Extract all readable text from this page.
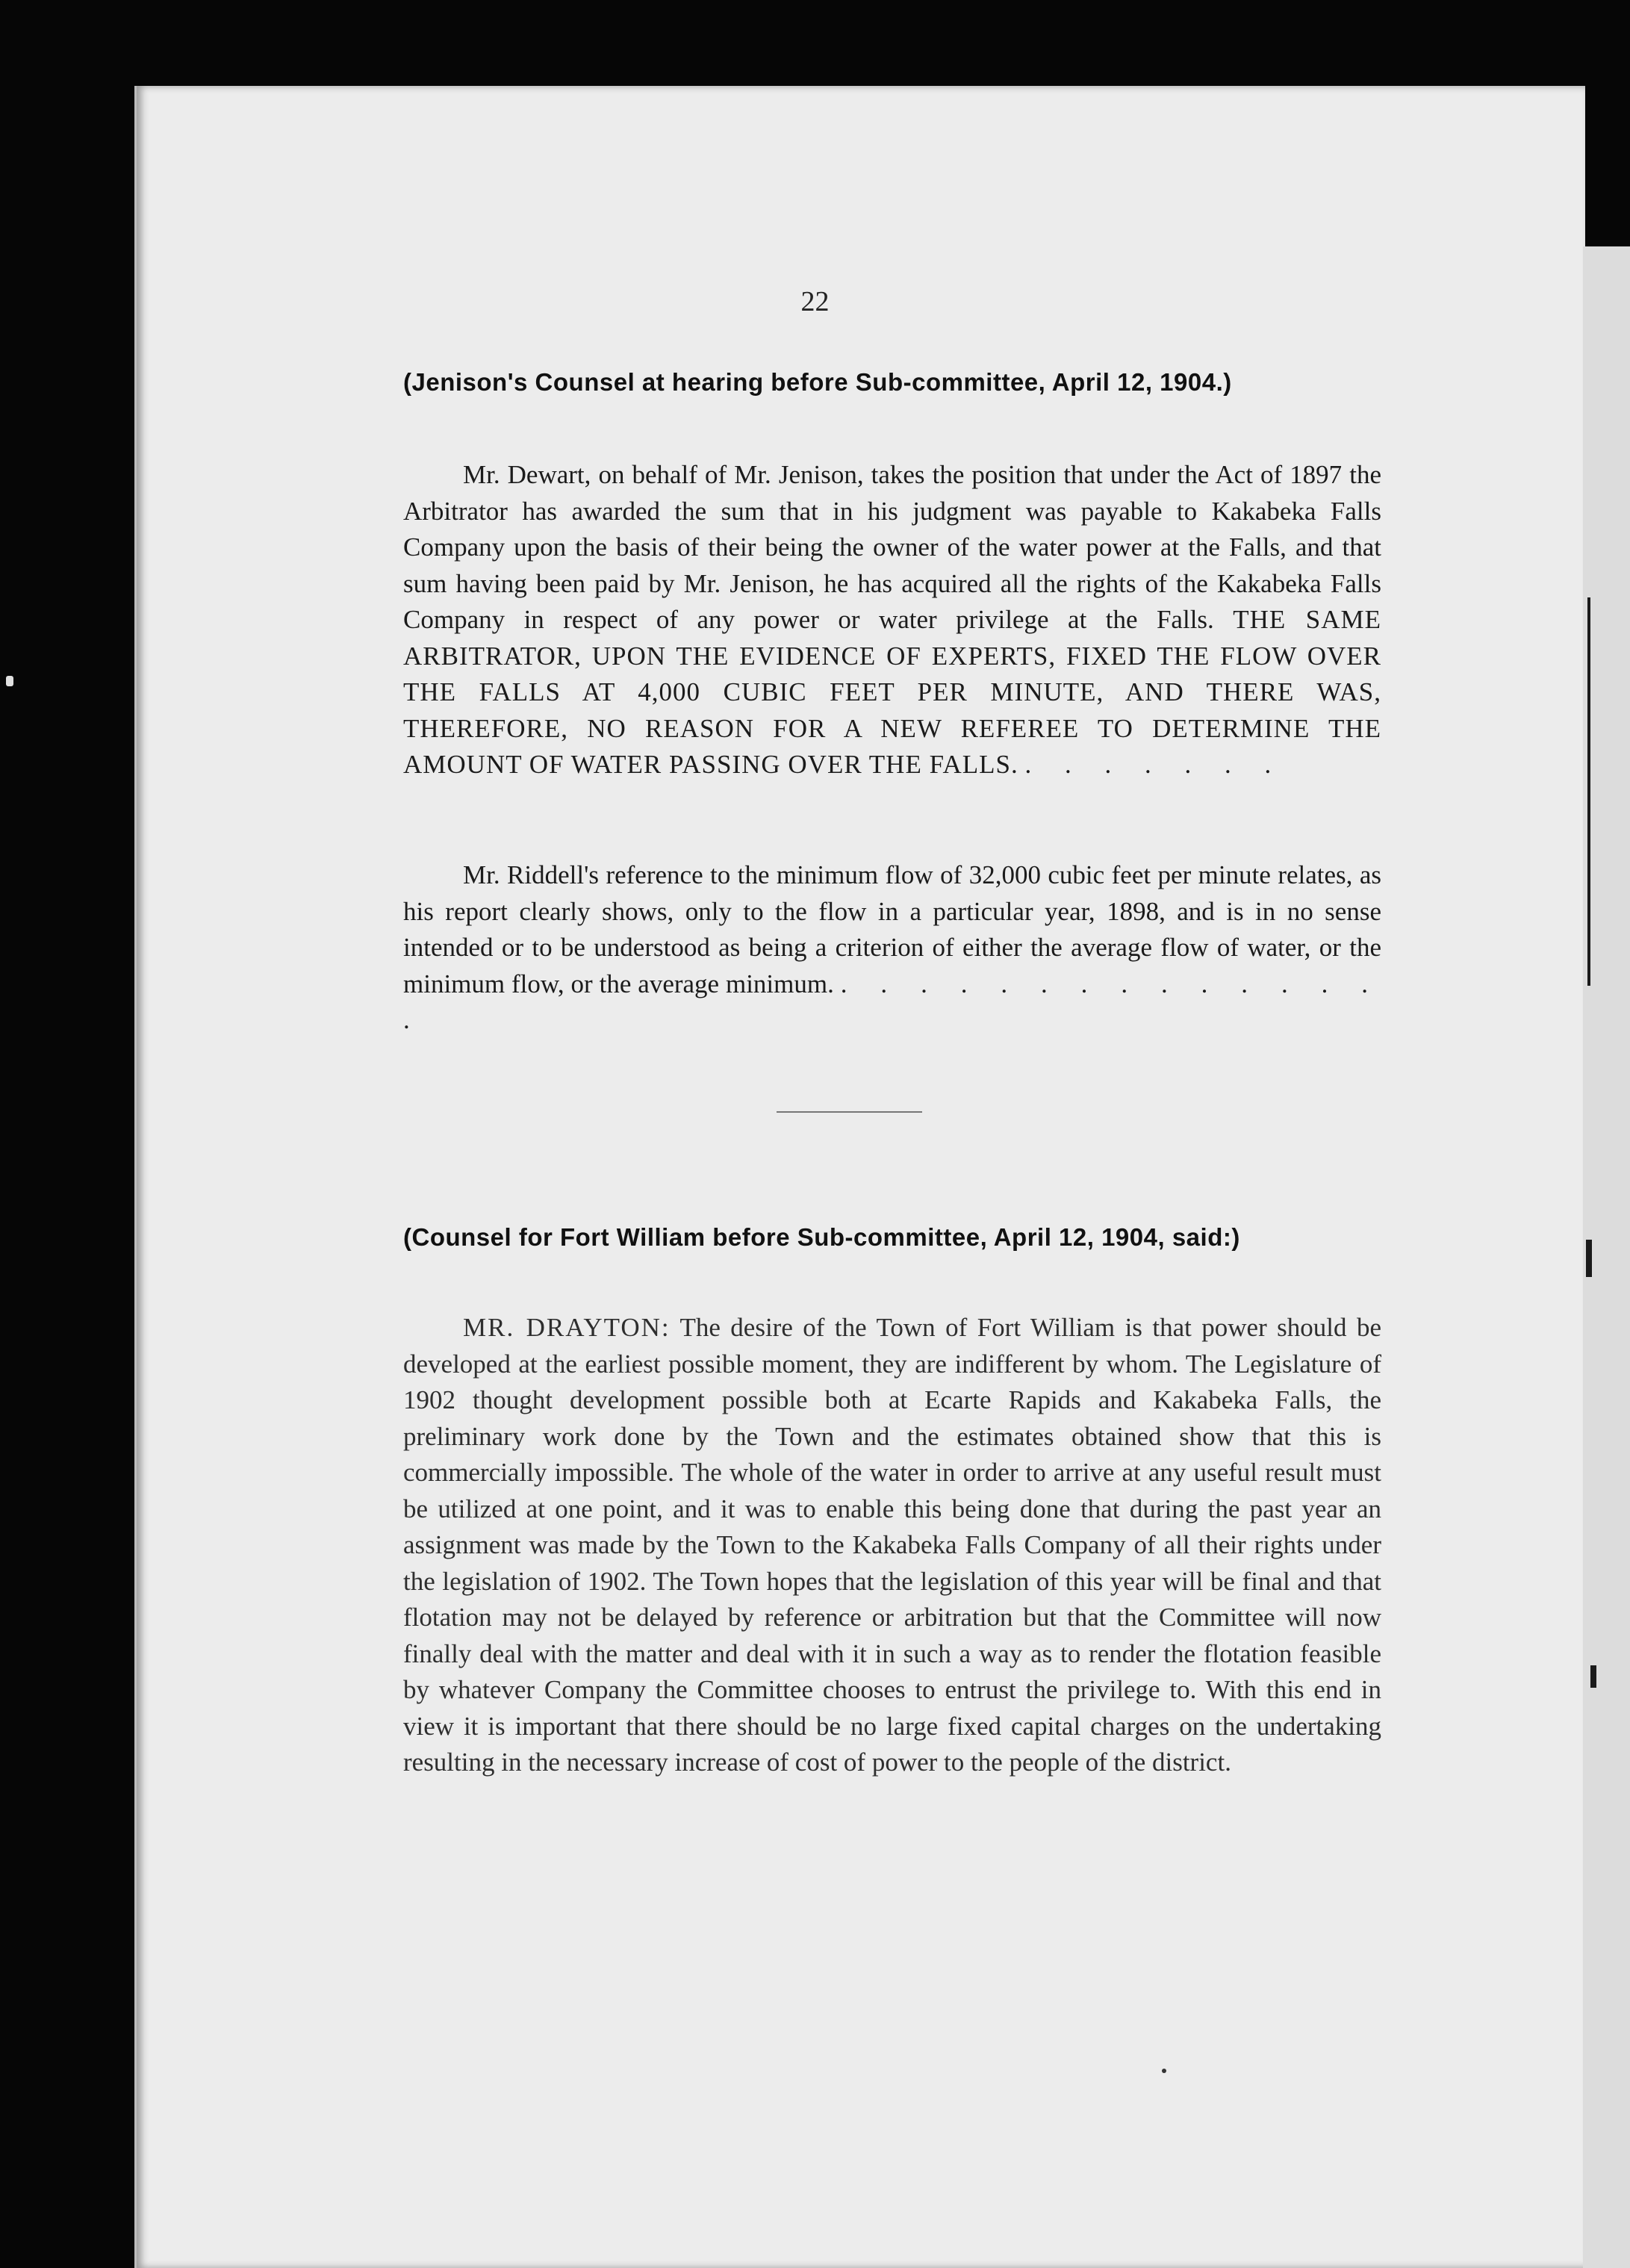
22
(Jenison's Counsel at hearing before Sub-committee, April 12, 1904.)

Mr. Dewart, on behalf of Mr. Jenison, takes the position that under the Act of 1897 the Arbitrator has awarded the sum that in his judgment was payable to Kakabeka Falls Company upon the basis of their being the owner of the water power at the Falls, and that sum having been paid by Mr. Jenison, he has acquired all the rights of the Kakabeka Falls Company in respect of any power or water privilege at the Falls. THE SAME ARBITRATOR, UPON THE EVIDENCE OF EXPERTS, FIXED THE FLOW OVER THE FALLS AT 4,000 CUBIC FEET PER MINUTE, AND THERE WAS, THEREFORE, NO REASON FOR A NEW REFEREE TO DETERMINE THE AMOUNT OF WATER PASSING OVER THE FALLS. . . . . . . .

Mr. Riddell's reference to the minimum flow of 32,000 cubic feet per minute relates, as his report clearly shows, only to the flow in a particular year, 1898, and is in no sense intended or to be understood as being a criterion of either the average flow of water, or the minimum flow, or the average minimum. . . . . . . . . . . . . . . .

(Counsel for Fort William before Sub-committee, April 12, 1904, said:)

MR. DRAYTON: The desire of the Town of Fort William is that power should be developed at the earliest possible moment, they are indifferent by whom. The Legislature of 1902 thought development possible both at Ecarte Rapids and Kakabeka Falls, the preliminary work done by the Town and the estimates obtained show that this is commercially impossible. The whole of the water in order to arrive at any useful result must be utilized at one point, and it was to enable this being done that during the past year an assignment was made by the Town to the Kakabeka Falls Company of all their rights under the legislation of 1902. The Town hopes that the legislation of this year will be final and that flotation may not be delayed by reference or arbitration but that the Committee will now finally deal with the matter and deal with it in such a way as to render the flotation feasible by whatever Company the Committee chooses to entrust the privilege to. With this end in view it is important that there should be no large fixed capital charges on the undertaking resulting in the necessary increase of cost of power to the people of the district.
